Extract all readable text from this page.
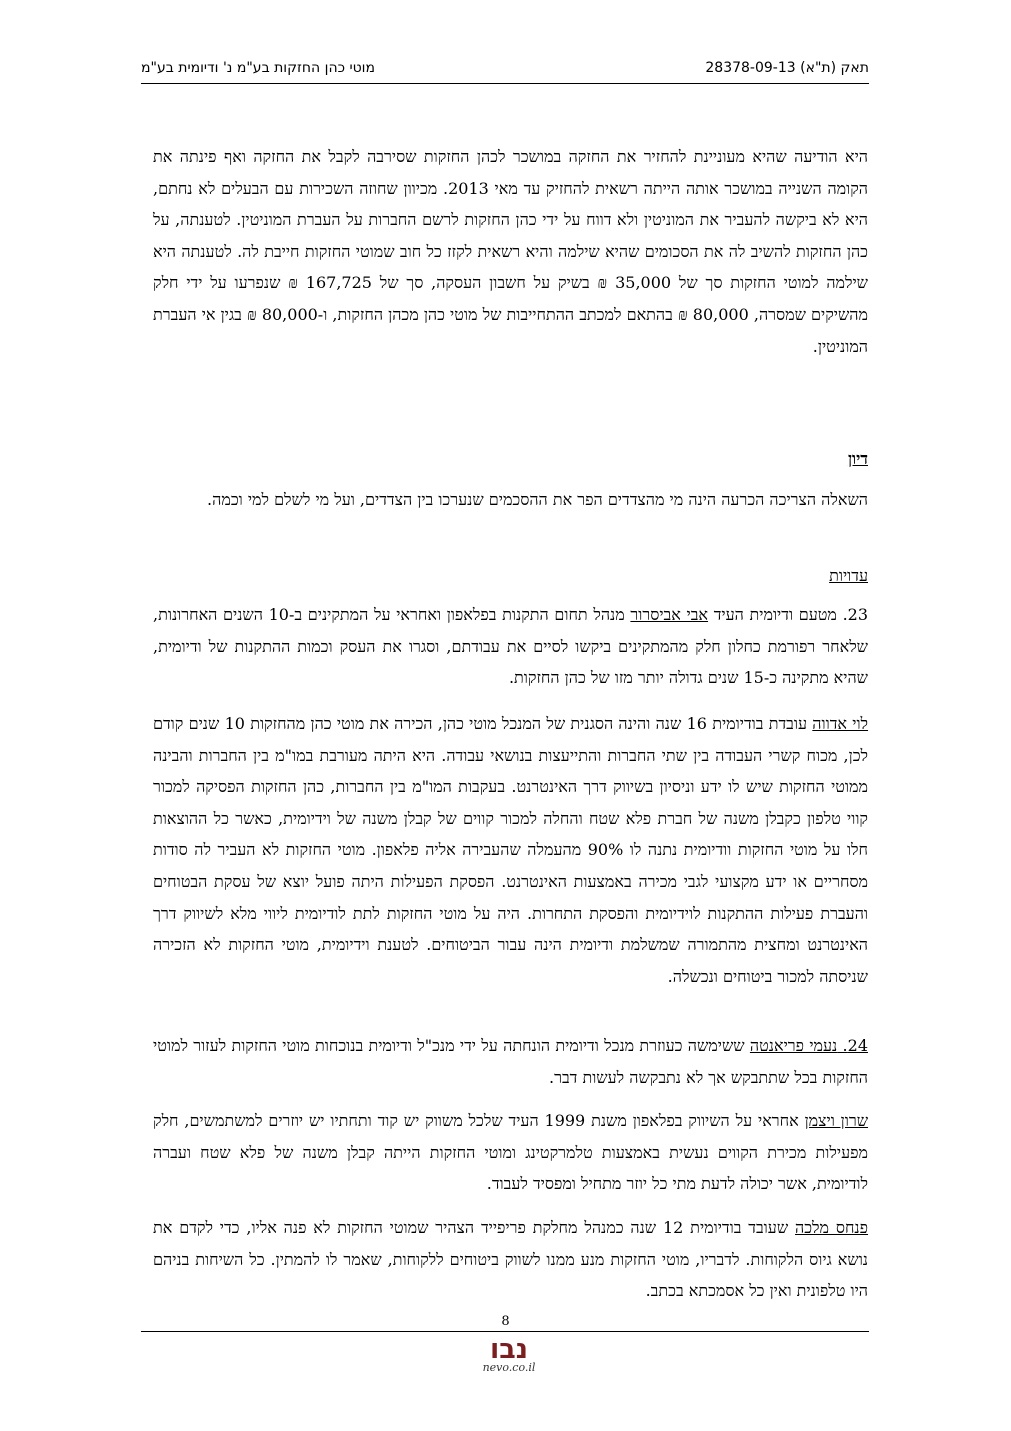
תאק (ת"א) 28378-09-13
מוטי כהן החזקות בע"מ נ' ודיומית בע"מ

היא הודיעה שהיא מעוניינת להחזיר את החזקה במושכר לכהן החזקות שסירבה לקבל את החזקה ואף פינתה את הקומה השנייה במושכר אותה הייתה רשאית להחזיק עד מאי 2013. מכיוון שחוזה השכירות עם הבעלים לא נחתם, היא לא ביקשה להעביר את המוניטין ולא דווח על ידי כהן החזקות לרשם החברות על העברת המוניטין. לטענתה, על כהן החזקות להשיב לה את הסכומים שהיא שילמה והיא רשאית לקזז כל חוב שמוטי החזקות חייבת לה. לטענתה היא שילמה למוטי החזקות סך של 35,000 ₪ בשיק על חשבון העסקה, סך של 167,725 ₪ שנפרעו על ידי חלק מהשיקים שמסרה, 80,000 ₪ בהתאם למכתב ההתחייבות של מוטי כהן מכהן החזקות, ו-80,000 ₪ בגין אי העברת המוניטין.

דיון

השאלה הצריכה הכרעה הינה מי מהצדדים הפר את ההסכמים שנערכו בין הצדדים, ועל מי לשלם למי וכמה.

עדויות

23. מטעם ודיומית העיד אבי אביסרור מנהל תחום התקנות בפלאפון ואחראי על המתקינים ב-10 השנים האחרונות, שלאחר רפורמת כחלון חלק מהמתקינים ביקשו לסיים את עבודתם, וסגרו את העסק וכמות ההתקנות של ודיומית, שהיא מתקינה כ-15 שנים גדולה יותר מזו של כהן החזקות.

לוי אדווה עובדת בודיומית 16 שנה והינה הסגנית של המנכל מוטי כהן, הכירה את מוטי כהן מהחזקות 10 שנים קודם לכן, מכוח קשרי העבודה בין שתי החברות והתייעצות בנושאי עבודה. היא היתה מעורבת במו"מ בין החברות והבינה ממוטי החזקות שיש לו ידע וניסיון בשיווק דרך האינטרנט. בעקבות המו"מ בין החברות, כהן החזקות הפסיקה למכור קווי טלפון כקבלן משנה של חברת פלא שטח והחלה למכור קווים של קבלן משנה של וידיומית, כאשר כל ההוצאות חלו על מוטי החזקות וודיומית נתנה לו 90% מהעמלה שהעבירה אליה פלאפון. מוטי החזקות לא העביר לה סודות מסחריים או ידע מקצועי לגבי מכירה באמצעות האינטרנט. הפסקת הפעילות היתה פועל יוצא של עסקת הבטוחים והעברת פעילות ההתקנות לוידיומית והפסקת התחרות. היה על מוטי החזקות לתת לודיומית ליווי מלא לשיווק דרך האינטרנט ומחצית מהתמורה שמשלמת ודיומית הינה עבור הביטוחים. לטענת וידיומית, מוטי החזקות לא הזכירה שניסתה למכור ביטוחים ונכשלה.

24. נעמי פריאנטה ששימשה כעוזרת מנכל ודיומית הונחתה על ידי מנכ"ל ודיומית בנוכחות מוטי החזקות לעזור למוטי החזקות בכל שתתבקש אך לא נתבקשה לעשות דבר.

שרון ויצמן אחראי על השיווק בפלאפון משנת 1999 העיד שלכל משווק יש קוד ותחתיו יש יוזרים למשתמשים, חלק מפעילות מכירת הקווים נעשית באמצעות טלמרקטינג ומוטי החזקות הייתה קבלן משנה של פלא שטח ועברה לודיומית, אשר יכולה לדעת מתי כל יוזר מתחיל ומפסיד לעבוד.

פנחס מלכה שעובד בודיומית 12 שנה כמנהל מחלקת פריפייד הצהיר שמוטי החזקות לא פנה אליו, כדי לקדם את נושא גיוס הלקוחות. לדבריו, מוטי החזקות מנע ממנו לשווק ביטוחים ללקוחות, שאמר לו להמתין. כל השיחות בניהם היו טלפונית ואין כל אסמכתא בכתב.

8
נבו
nevo.co.il
